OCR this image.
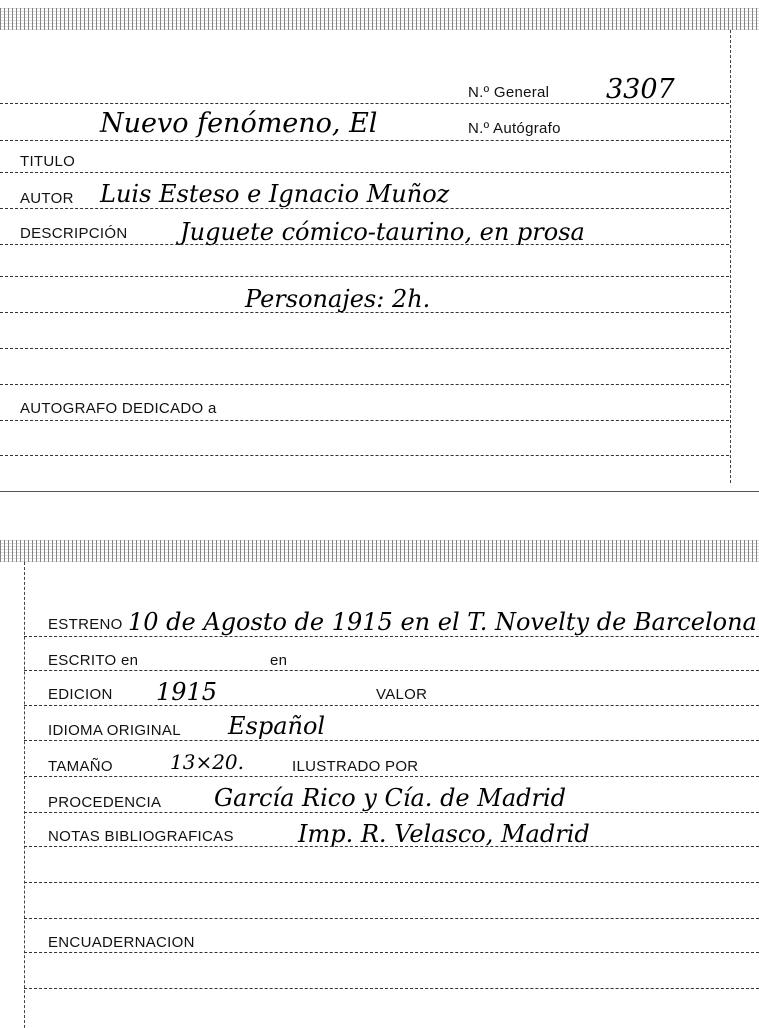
N.º General 3307
Nuevo fenómeno, El	N.º Autógrafo
TITULO
AUTOR Luis Esteso e Ignacio Muñoz
DESCRIPCIÓN Juguete cómico-taurino, en prosa
Personajes: 2h.
AUTOGRAFO DEDICADO a
ESTRENO 10 de Agosto de 1915 en el T. Novelty de Barcelona
ESCRITO en	en
EDICION 1915	VALOR
IDIOMA ORIGINAL Español
TAMAÑO	13×20.	ILUSTRADO POR
PROCEDENCIA García Rico y Cía. de Madrid
NOTAS BIBLIOGRAFICAS	Imp. R. Velasco, Madrid
ENCUADERNACION
